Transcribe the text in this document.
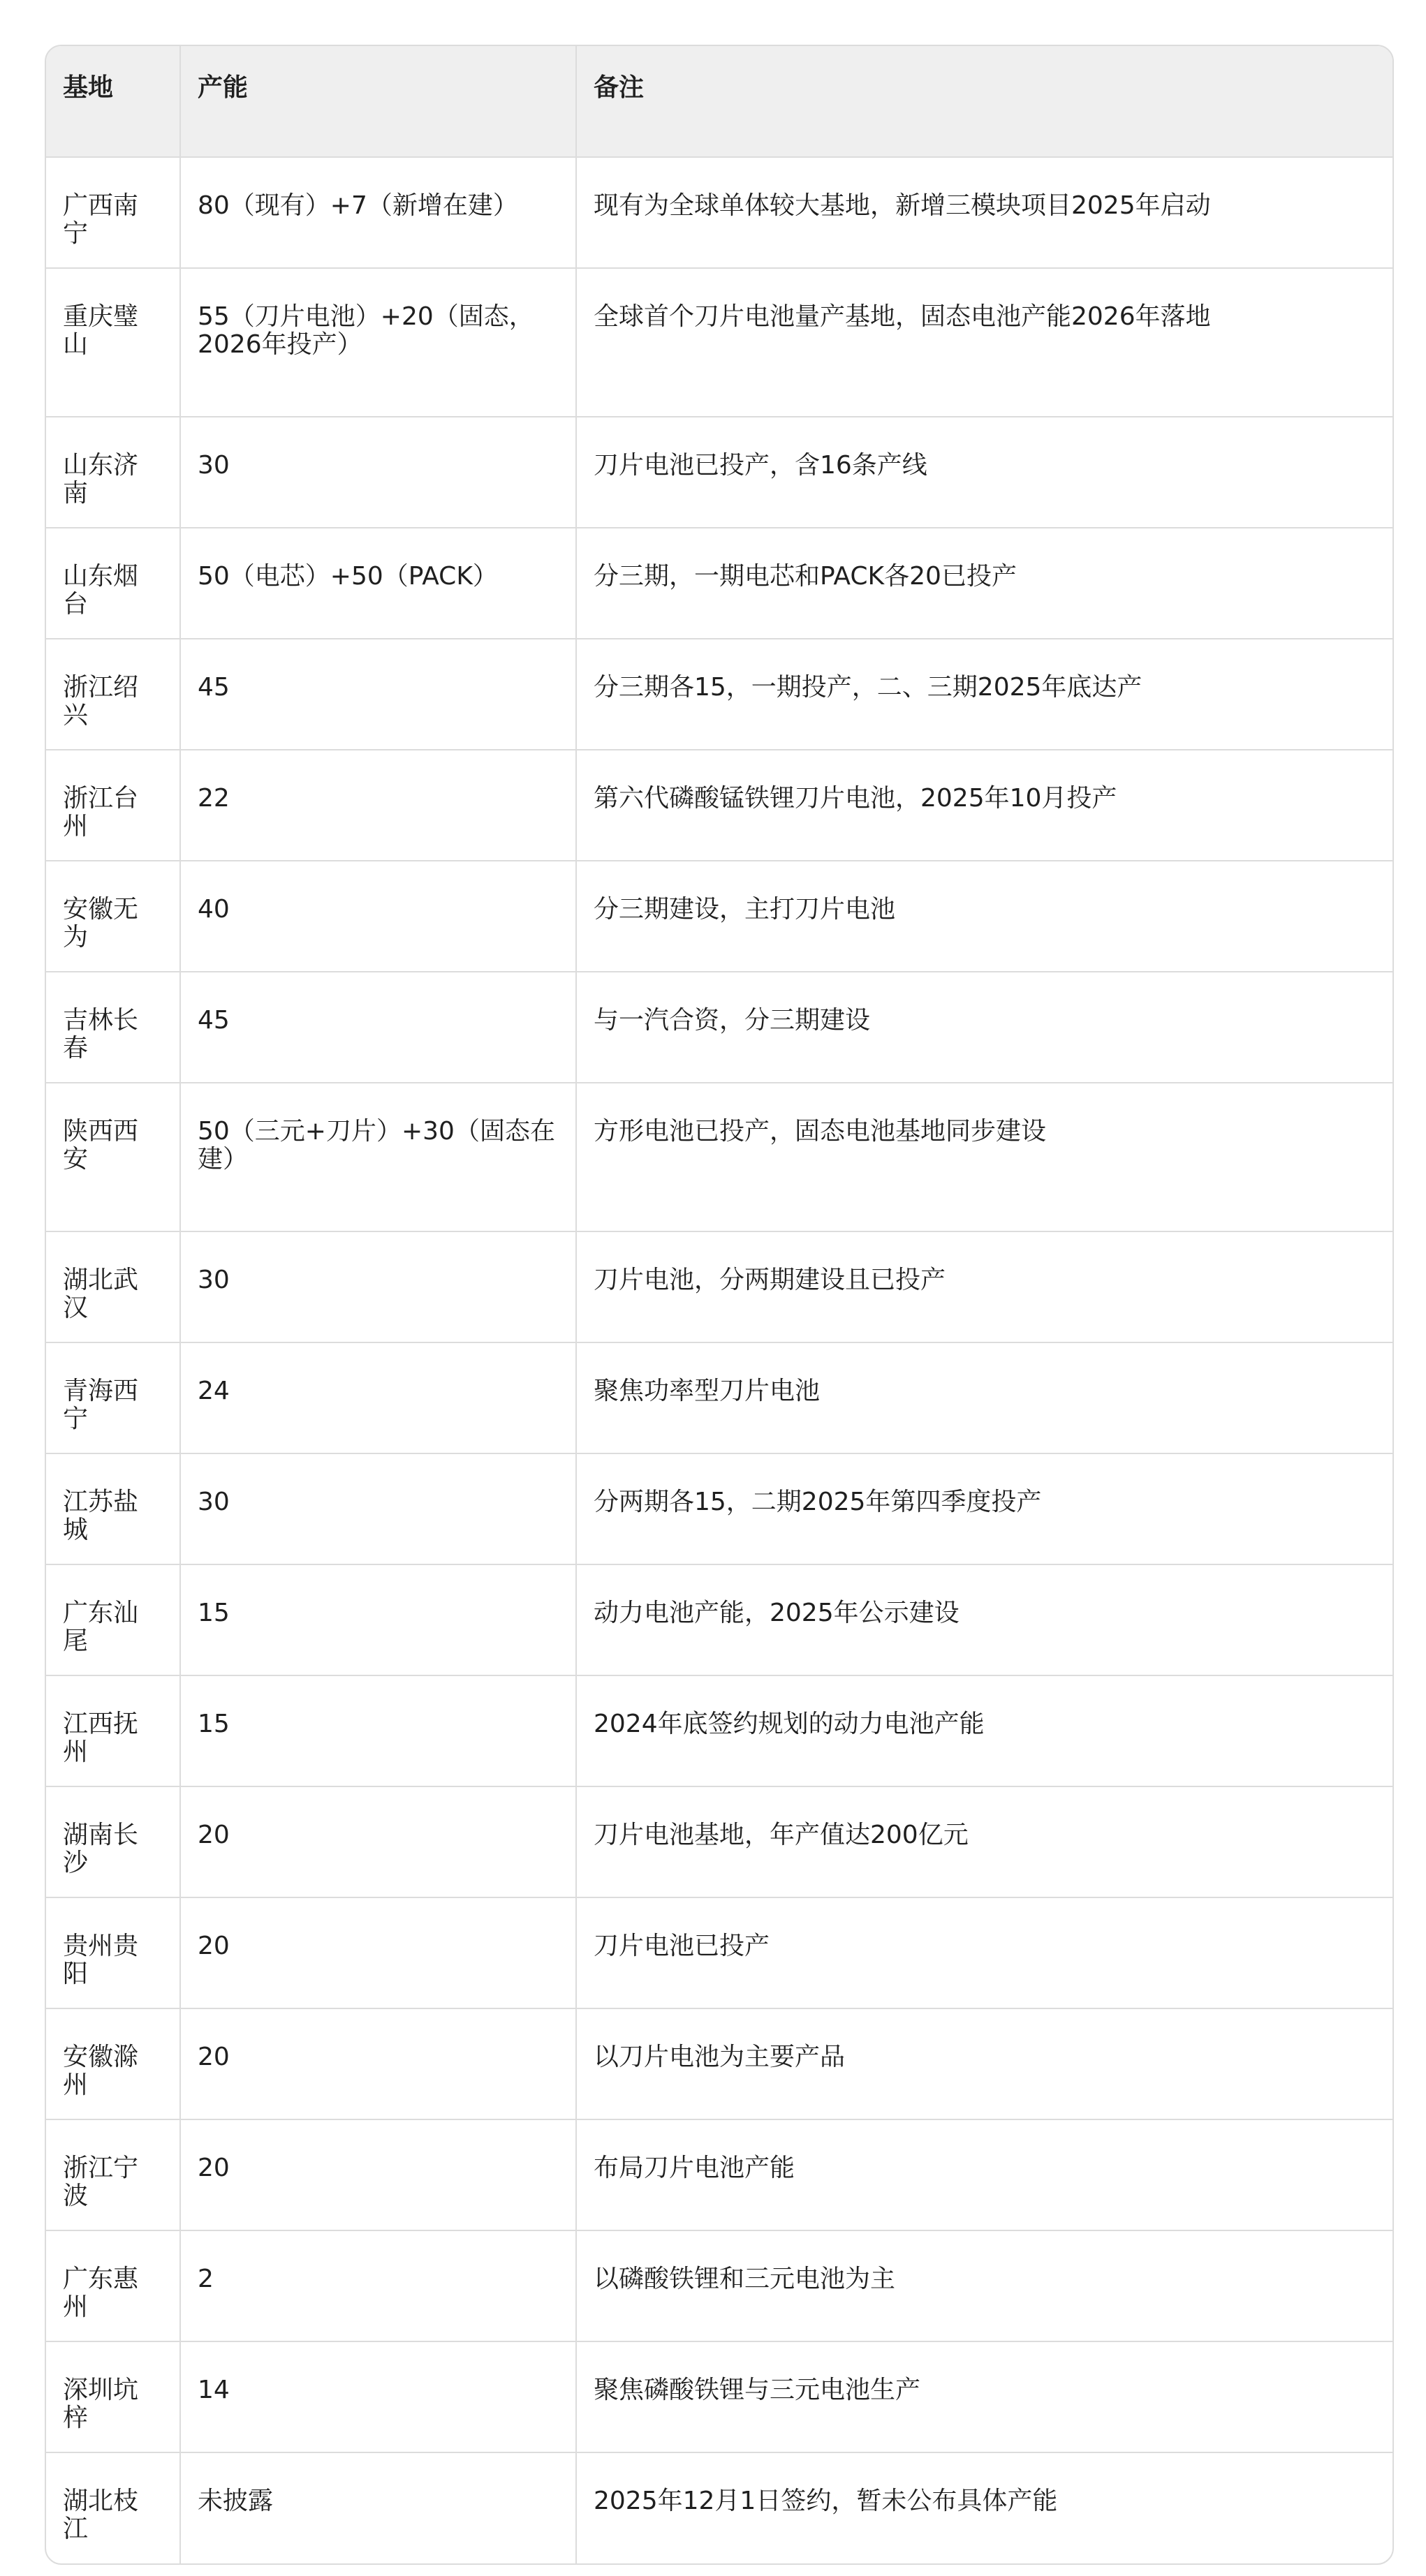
基地	产能	备注
广西南宁	80（现有）+7（新增在建）	现有为全球单体较大基地，新增三模块项目2025年启动
重庆璧山	55（刀片电池）+20（固态，2026年投产）	全球首个刀片电池量产基地，固态电池产能2026年落地
山东济南	30	刀片电池已投产，含16条产线
山东烟台	50（电芯）+50（PACK）	分三期，一期电芯和PACK各20已投产
浙江绍兴	45	分三期各15，一期投产，二、三期2025年底达产
浙江台州	22	第六代磷酸锰铁锂刀片电池，2025年10月投产
安徽无为	40	分三期建设，主打刀片电池
吉林长春	45	与一汽合资，分三期建设
陕西西安	50（三元+刀片）+30（固态在建）	方形电池已投产，固态电池基地同步建设
湖北武汉	30	刀片电池，分两期建设且已投产
青海西宁	24	聚焦功率型刀片电池
江苏盐城	30	分两期各15，二期2025年第四季度投产
广东汕尾	15	动力电池产能，2025年公示建设
江西抚州	15	2024年底签约规划的动力电池产能
湖南长沙	20	刀片电池基地，年产值达200亿元
贵州贵阳	20	刀片电池已投产
安徽滁州	20	以刀片电池为主要产品
浙江宁波	20	布局刀片电池产能
广东惠州	2	以磷酸铁锂和三元电池为主
深圳坑梓	14	聚焦磷酸铁锂与三元电池生产
湖北枝江	未披露	2025年12月1日签约，暂未公布具体产能
